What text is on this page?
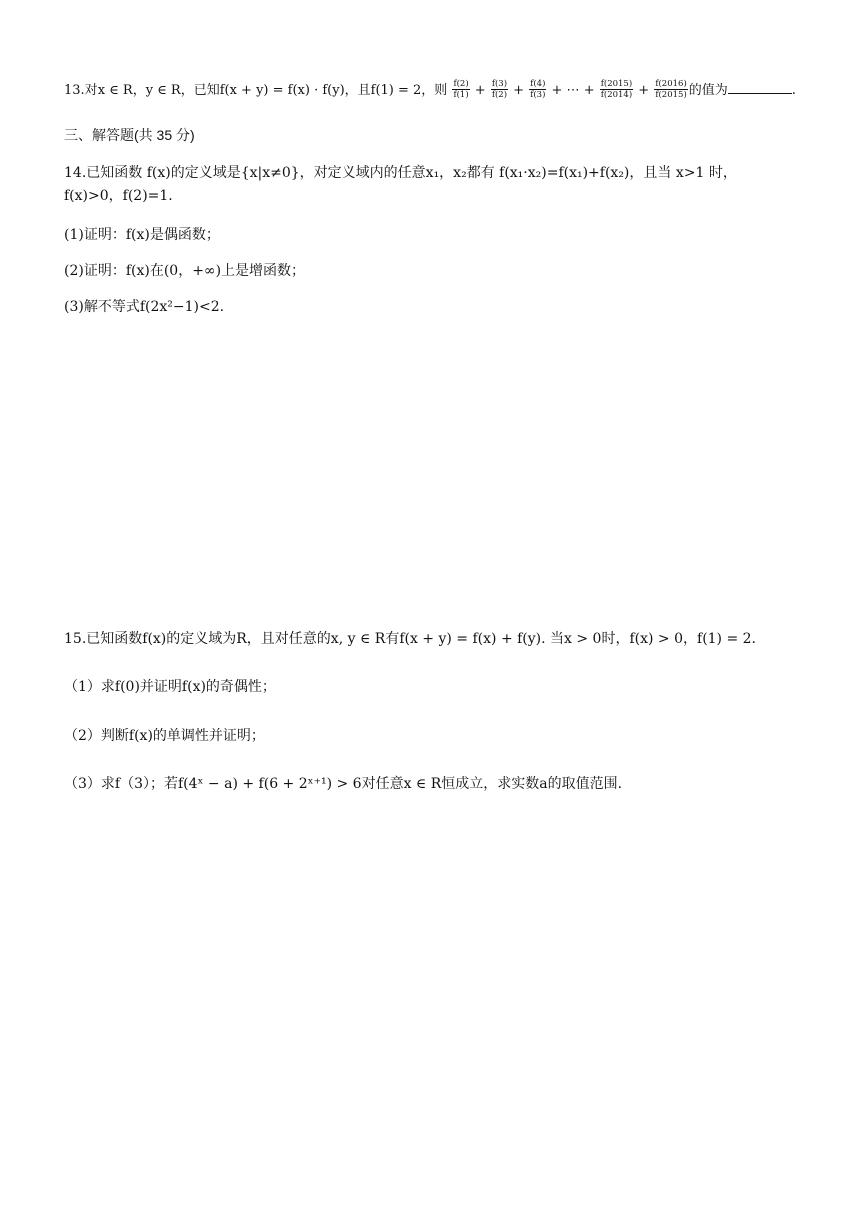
13.对x ∈ R，y ∈ R，已知f(x + y) = f(x) · f(y)，且f(1) = 2，则 $\frac{f(2)}{f(1)} + \frac{f(3)}{f(2)} + \frac{f(4)}{f(3)}$ + ⋯ + $\frac{f(2015)}{f(2014)} + \frac{f(2016)}{f(2015)}$ 的值为	.
三、解答题(共 35 分)
14.已知函数 f(x)的定义域是{x|x≠0}，对定义域内的任意x₁，x₂都有 f(x₁·x₂)=f(x₁)+f(x₂)，且当 x>1 时，
f(x)>0，f(2)=1.
(1)证明：f(x)是偶函数；
(2)证明：f(x)在(0，+∞)上是增函数；
(3)解不等式f(2x²−1)<2.
15.已知函数f(x)的定义域为R，且对任意的x, y ∈ R有f(x + y) = f(x) + f(y). 当x > 0时，f(x) > 0，f(1) = 2.
（1）求f(0)并证明f(x)的奇偶性；
（2）判断f(x)的单调性并证明；
（3）求f（3）；若f(4ˣ − a) + f(6 + 2ˣ⁺¹) > 6对任意x ∈ R恒成立，求实数a的取值范围.
